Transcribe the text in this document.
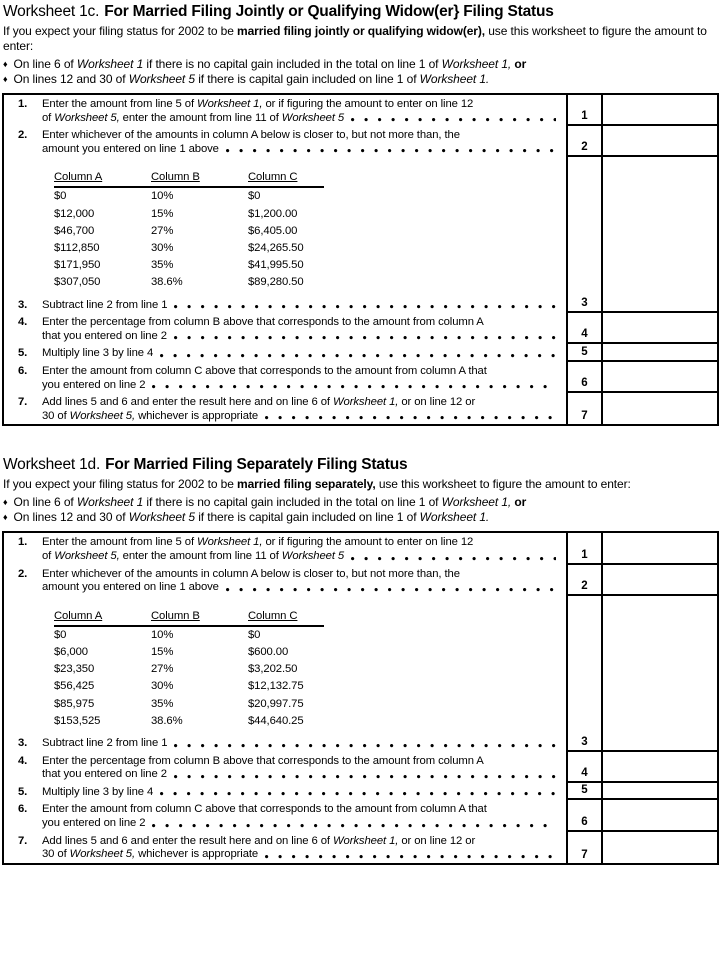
Worksheet 1c. For Married Filing Jointly or Qualifying Widow(er} Filing Status
If you expect your filing status for 2002 to be married filing jointly or qualifying widow(er), use this worksheet to figure the amount to enter:
♦ On line 6 of Worksheet 1 if there is no capital gain included in the total on line 1 of Worksheet 1, or
♦ On lines 12 and 30 of Worksheet 5 if there is capital gain included on line 1 of Worksheet 1.
1.	Enter the amount from line 5 of Worksheet 1, or if figuring the amount to enter on line 12
of Worksheet 5, enter the amount from line 11 of Worksheet 5	1
2.	Enter whichever of the amounts in column A below is closer to, but not more than, the
amount you entered on line 1 above	2
Column A	Column B	Column C
$0	10%	$0
$12,000	15%	$1,200.00
$46,700	27%	$6,405.00
$112,850	30%	$24,265.50
$171,950	35%	$41,995.50
$307,050	38.6%	$89,280.50
3.	Subtract line 2 from line 1	3
4.	Enter the percentage from column B above that corresponds to the amount from column A
that you entered on line 2	4
5.	Multiply line 3 by line 4	5
6.	Enter the amount from column C above that corresponds to the amount from column A that
you entered on line 2	6
7.	Add lines 5 and 6 and enter the result here and on line 6 of Worksheet 1, or on line 12 or
30 of Worksheet 5, whichever is appropriate	7
Worksheet 1d. For Married Filing Separately Filing Status
If you expect your filing status for 2002 to be married filing separately, use this worksheet to figure the amount to enter:
♦ On line 6 of Worksheet 1 if there is no capital gain included in the total on line 1 of Worksheet 1, or
♦ On lines 12 and 30 of Worksheet 5 if there is capital gain included on line 1 of Worksheet 1.
1.	Enter the amount from line 5 of Worksheet 1, or if figuring the amount to enter on line 12
of Worksheet 5, enter the amount from line 11 of Worksheet 5	1
2.	Enter whichever of the amounts in column A below is closer to, but not more than, the
amount you entered on line 1 above	2
Column A	Column B	Column C
$0	10%	$0
$6,000	15%	$600.00
$23,350	27%	$3,202.50
$56,425	30%	$12,132.75
$85,975	35%	$20,997.75
$153,525	38.6%	$44,640.25
3.	Subtract line 2 from line 1	3
4.	Enter the percentage from column B above that corresponds to the amount from column A
that you entered on line 2	4
5.	Multiply line 3 by line 4	5
6.	Enter the amount from column C above that corresponds to the amount from column A that
you entered on line 2	6
7.	Add lines 5 and 6 and enter the result here and on line 6 of Worksheet 1, or on line 12 or
30 of Worksheet 5, whichever is appropriate	7
